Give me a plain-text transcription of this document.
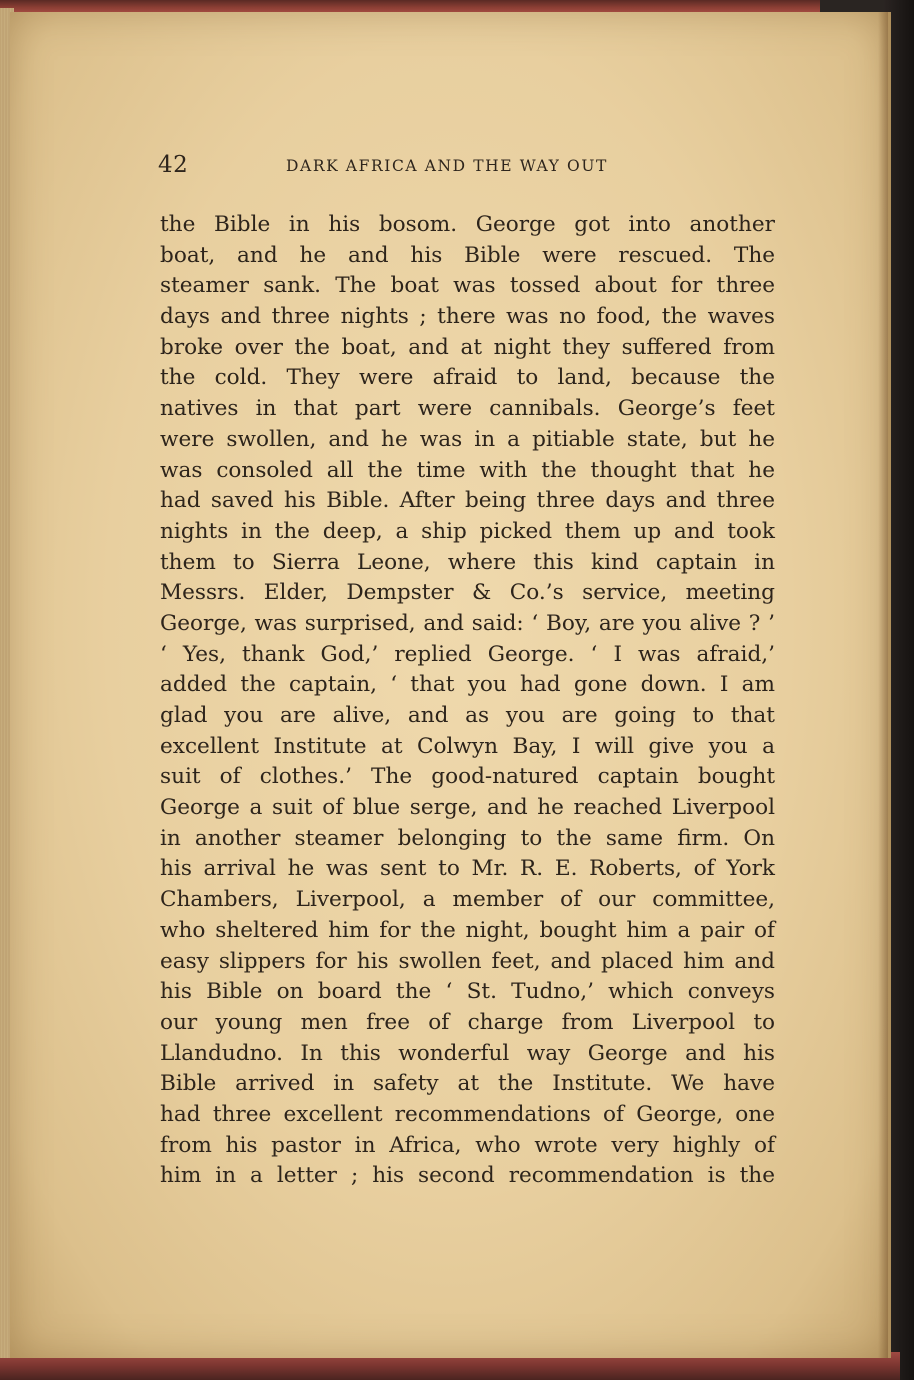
42	DARK AFRICA AND THE WAY OUT
the Bible in his bosom. George got into another
boat, and he and his Bible were rescued. The
steamer sank. The boat was tossed about for three
days and three nights ; there was no food, the waves
broke over the boat, and at night they suffered from
the cold. They were afraid to land, because the
natives in that part were cannibals. George’s feet
were swollen, and he was in a pitiable state, but he
was consoled all the time with the thought that he
had saved his Bible. After being three days and three
nights in the deep, a ship picked them up and took
them to Sierra Leone, where this kind captain in
Messrs. Elder, Dempster & Co.’s service, meeting
George, was surprised, and said: ‘ Boy, are you alive ? ’
‘ Yes, thank God,’ replied George. ‘ I was afraid,’
added the captain, ‘ that you had gone down. I am
glad you are alive, and as you are going to that
excellent Institute at Colwyn Bay, I will give you a
suit of clothes.’ The good-natured captain bought
George a suit of blue serge, and he reached Liverpool
in another steamer belonging to the same firm. On
his arrival he was sent to Mr. R. E. Roberts, of York
Chambers, Liverpool, a member of our committee,
who sheltered him for the night, bought him a pair of
easy slippers for his swollen feet, and placed him and
his Bible on board the ‘ St. Tudno,’ which conveys
our young men free of charge from Liverpool to
Llandudno. In this wonderful way George and his
Bible arrived in safety at the Institute. We have
had three excellent recommendations of George, one
from his pastor in Africa, who wrote very highly of
him in a letter ; his second recommendation is the
